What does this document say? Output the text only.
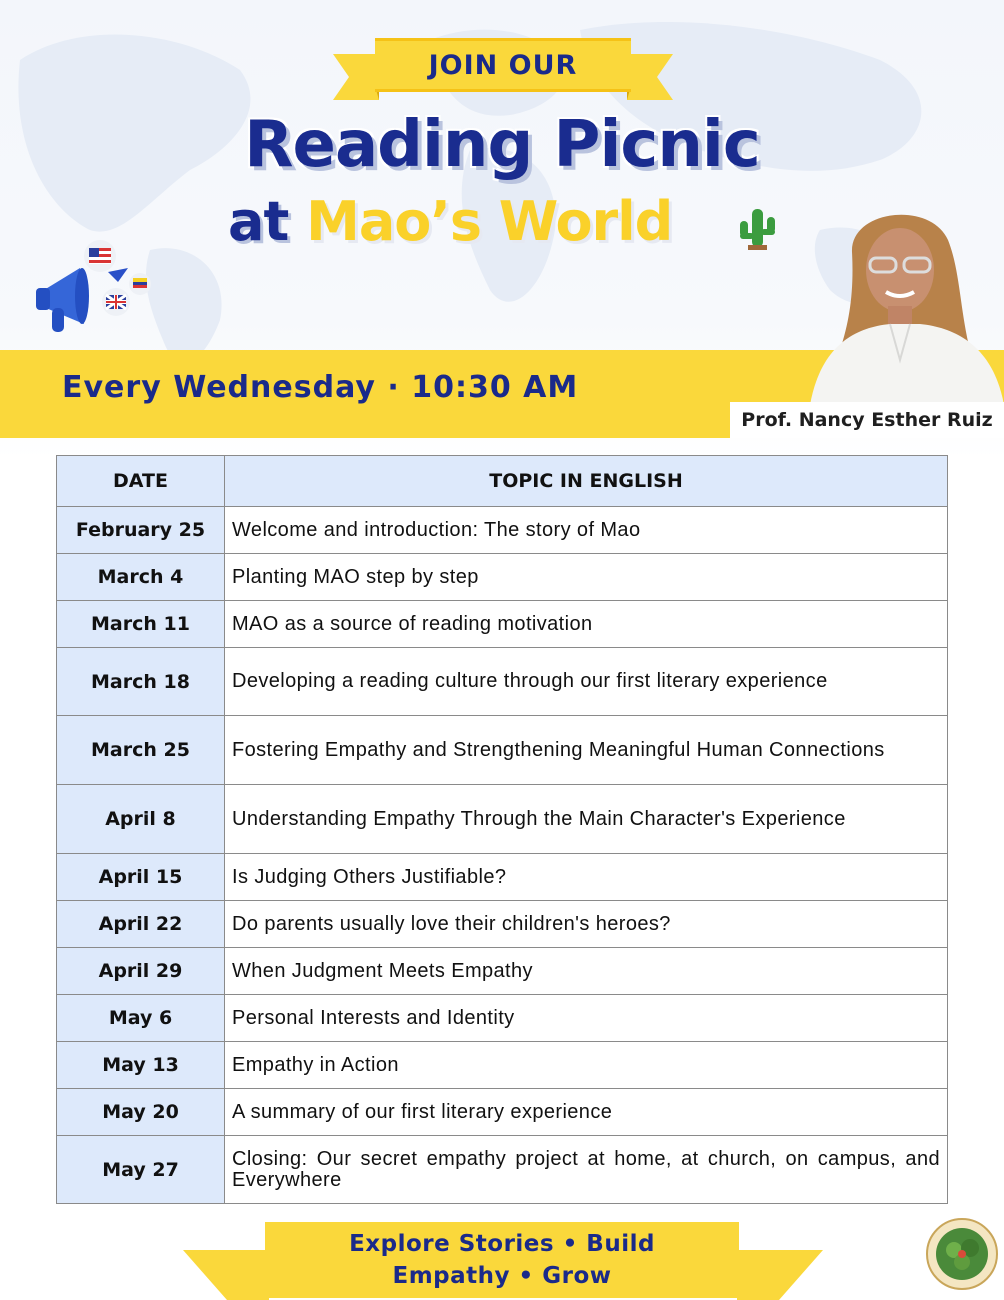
JOIN OUR
Reading Picnic
at Mao’s World
Every Wednesday · 10:30 AM
Prof. Nancy Esther Ruiz
DATE	TOPIC IN ENGLISH
February 25	Welcome and introduction: The story of Mao
March 4	Planting MAO step by step
March 11	MAO as a source of reading motivation
March 18	Developing a reading culture through our first literary experience
March 25	Fostering Empathy and Strengthening Meaningful Human Connections
April 8	Understanding Empathy Through the Main Character's Experience
April 15	Is Judging Others Justifiable?
April 22	Do parents usually love their children's heroes?
April 29	When Judgment Meets Empathy
May 6	Personal Interests and Identity
May 13	Empathy in Action
May 20	A summary of our first literary experience
May 27	Closing: Our secret empathy project at home, at church, on campus, and Everywhere
Explore Stories • Build
Empathy • Grow
